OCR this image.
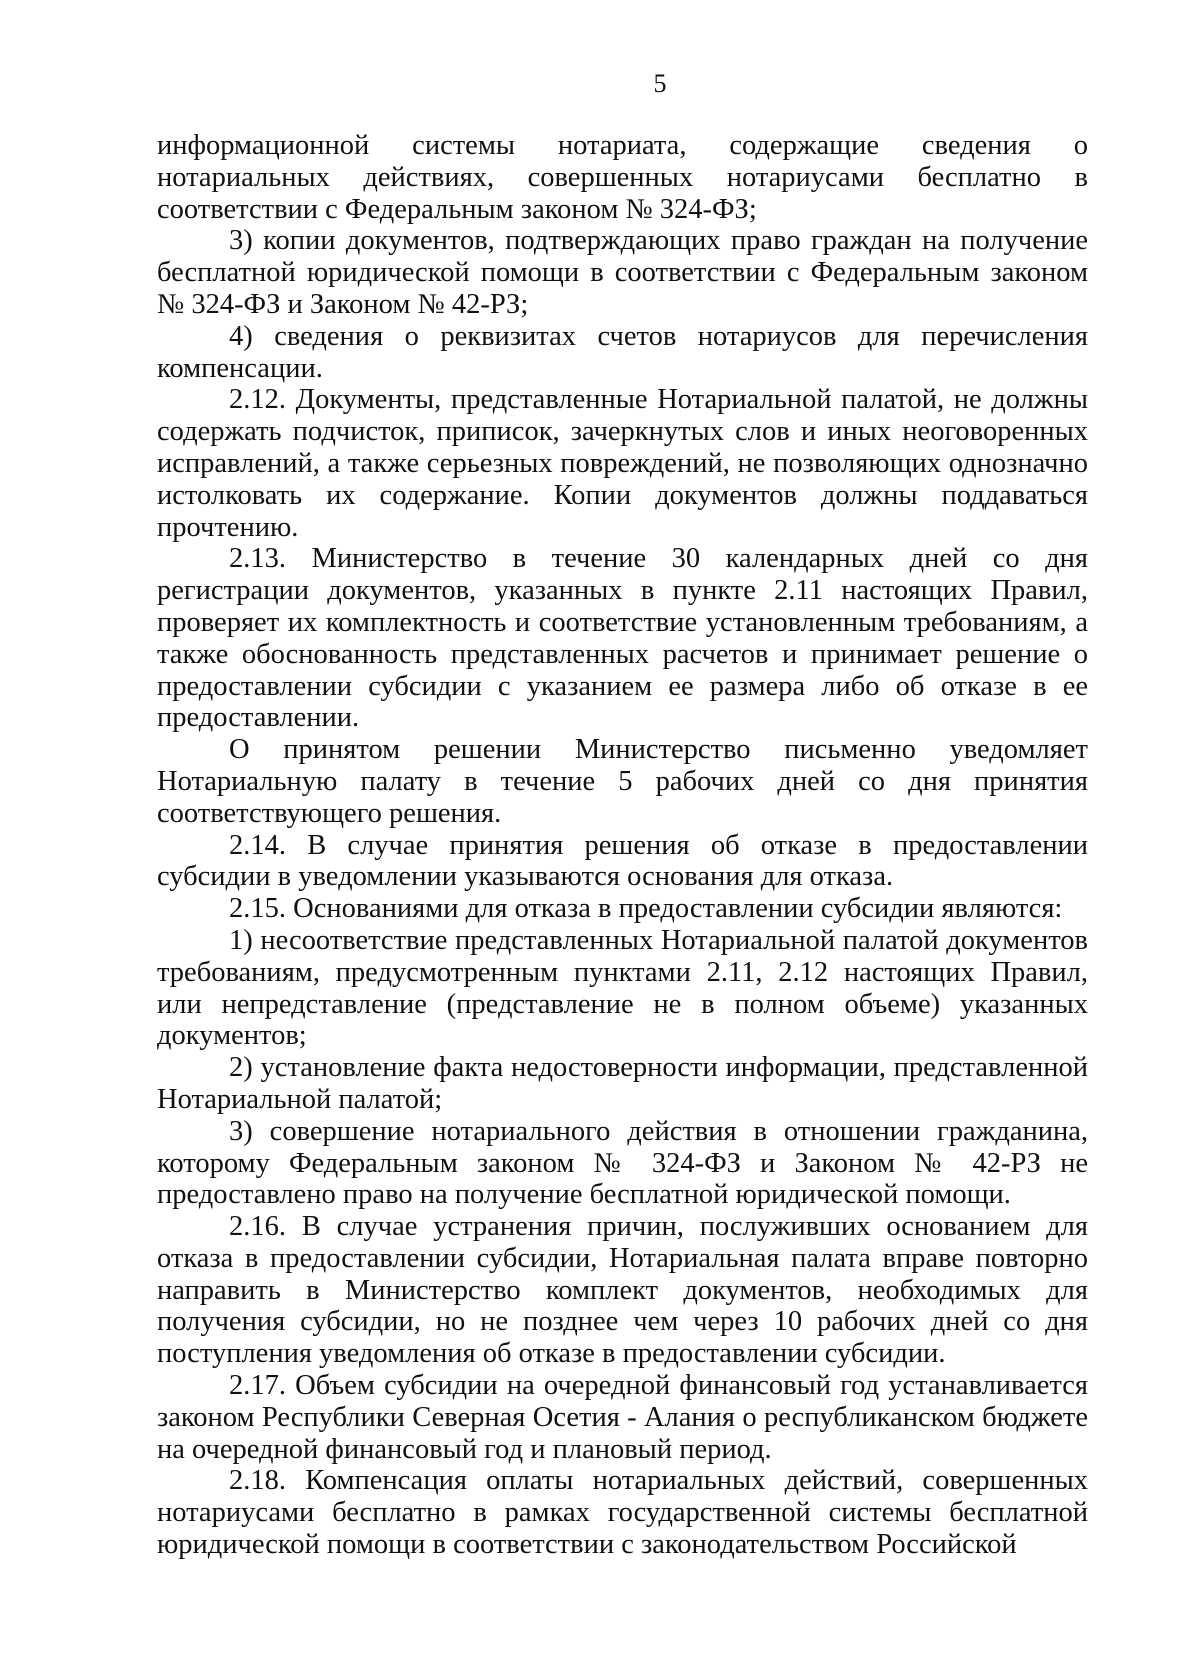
5

информационной системы нотариата, содержащие сведения о нотариальных действиях, совершенных нотариусами бесплатно в соответствии с Федеральным законом № 324-ФЗ;

3) копии документов, подтверждающих право граждан на получение бесплатной юридической помощи в соответствии с Федеральным законом № 324-ФЗ и Законом № 42-РЗ;

4) сведения о реквизитах счетов нотариусов для перечисления компенсации.

2.12. Документы, представленные Нотариальной палатой, не должны содержать подчисток, приписок, зачеркнутых слов и иных неоговоренных исправлений, а также серьезных повреждений, не позволяющих однозначно истолковать их содержание. Копии документов должны поддаваться прочтению.

2.13. Министерство в течение 30 календарных дней со дня регистрации документов, указанных в пункте 2.11 настоящих Правил, проверяет их комплектность и соответствие установленным требованиям, а также обоснованность представленных расчетов и принимает решение о предоставлении субсидии с указанием ее размера либо об отказе в ее предоставлении.

О принятом решении Министерство письменно уведомляет Нотариальную палату в течение 5 рабочих дней со дня принятия соответствующего решения.

2.14. В случае принятия решения об отказе в предоставлении субсидии в уведомлении указываются основания для отказа.

2.15. Основаниями для отказа в предоставлении субсидии являются:

1) несоответствие представленных Нотариальной палатой документов требованиям, предусмотренным пунктами 2.11, 2.12 настоящих Правил, или непредставление (представление не в полном объеме) указанных документов;

2) установление факта недостоверности информации, представленной Нотариальной палатой;

3) совершение нотариального действия в отношении гражданина, которому Федеральным законом № 324-ФЗ и Законом № 42-РЗ не предоставлено право на получение бесплатной юридической помощи.

2.16. В случае устранения причин, послуживших основанием для отказа в предоставлении субсидии, Нотариальная палата вправе повторно направить в Министерство комплект документов, необходимых для получения субсидии, но не позднее чем через 10 рабочих дней со дня поступления уведомления об отказе в предоставлении субсидии.

2.17. Объем субсидии на очередной финансовый год устанавливается законом Республики Северная Осетия - Алания о республиканском бюджете на очередной финансовый год и плановый период.

2.18. Компенсация оплаты нотариальных действий, совершенных нотариусами бесплатно в рамках государственной системы бесплатной юридической помощи в соответствии с законодательством Российской
